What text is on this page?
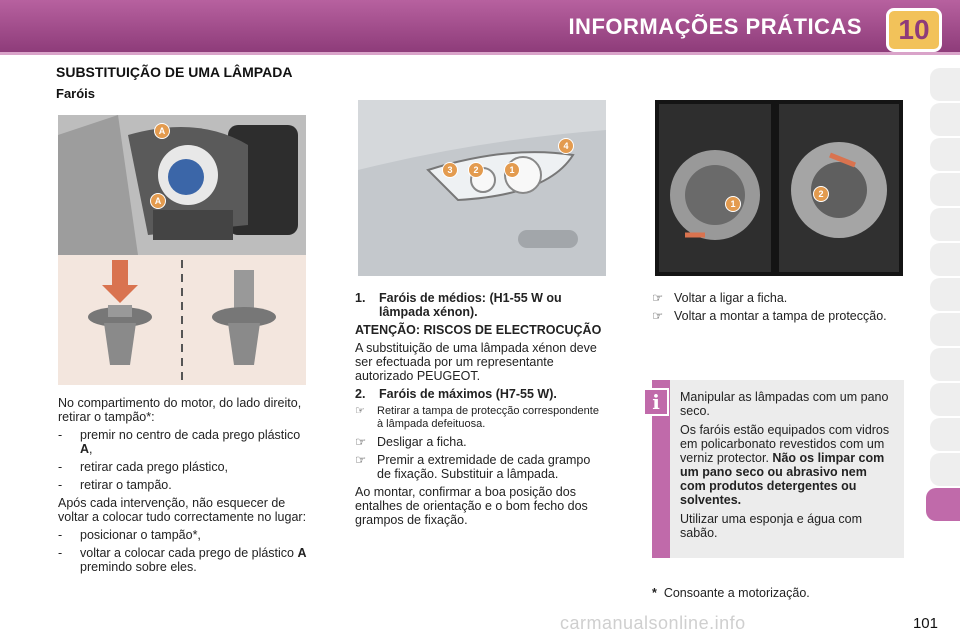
INFORMAÇÕES PRÁTICAS	10
SUBSTITUIÇÃO DE UMA LÂMPADA
Faróis
A
A
3	2	1
4
1
2

No compartimento do motor, do lado direito, retirar o tampão*:

- premir no centro de cada prego plástico A,
- retirar cada prego plástico,
- retirar o tampão.

Após cada intervenção, não esquecer de voltar a colocar tudo correctamente no lugar:

- posicionar o tampão*,
- voltar a colocar cada prego de plástico A premindo sobre eles.
1. Faróis de médios: (H1-55 W ou lâmpada xénon).

ATENÇÃO: RISCOS DE ELECTROCUÇÃO

A substituição de uma lâmpada xénon deve ser efectuada por um representante autorizado PEUGEOT.

2. Faróis de máximos (H7-55 W).
☞ Retirar a tampa de protecção correspondente à lâmpada defeituosa.
☞ Desligar a ficha.
☞ Premir a extremidade de cada grampo de fixação. Substituir a lâmpada.

Ao montar, confirmar a boa posição dos entalhes de orientação e o bom fecho dos grampos de fixação.

☞ Voltar a ligar a ficha.
☞ Voltar a montar a tampa de protecção.

Manipular as lâmpadas com um pano seco.

Os faróis estão equipados com vidros em policarbonato revestidos com um verniz protector. Não os limpar com um pano seco ou abrasivo nem com produtos detergentes ou solventes.

Utilizar uma esponja e água com sabão.

i
* Consoante a motorização.
carmanualsonline.info	101
